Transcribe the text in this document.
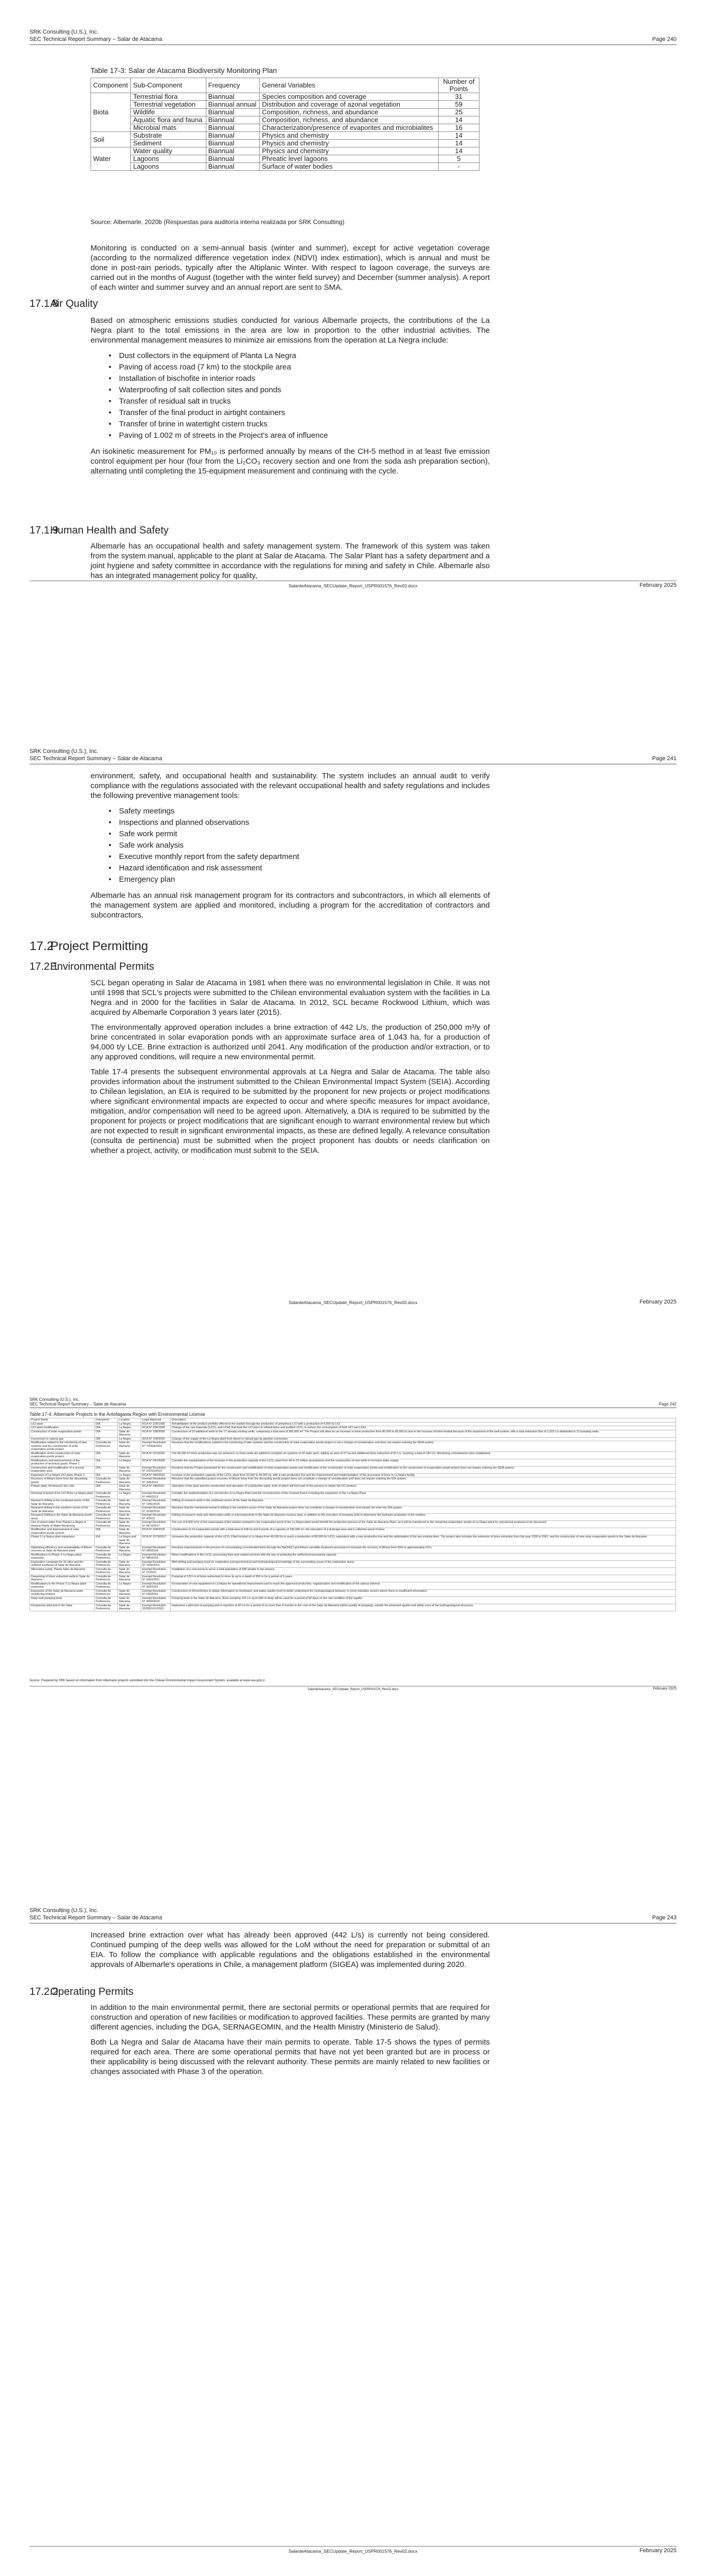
SRK Consulting (U.S.), Inc.
SEC Technical Report Summary – Salar de Atacama	Page 240
Table 17-3: Salar de Atacama Biodiversity Monitoring Plan
Component	Sub-Component	Frequency	General Variables	Number of Points
Biota	Terrestrial flora	Biannual	Species composition and coverage	31
	Terrestrial vegetation	Biannual annual	Distribution and coverage of azonal vegetation	59
	Wildlife	Biannual	Composition, richness, and abundance	25
	Aquatic flora and fauna	Biannual	Composition, richness, and abundance	14
	Microbial mats	Biannual	Characterization/presence of evaporites and microbialites	16
Soil	Substrate	Biannual	Physics and chemistry	14
	Sediment	Biannual	Physics and chemistry	14
Water	Water quality	Biannual	Physics and chemistry	14
	Lagoons	Biannual	Phreatic level lagoons	5
	Lagoons	Biannual	Surface of water bodies	-
Source: Albemarle, 2020b (Respuestas para auditoría interna realizada por SRK Consulting)

Monitoring is conducted on a semi-annual basis (winter and summer), except for active vegetation coverage (according to the normalized difference vegetation index (NDVI) index estimation), which is annual and must be done in post-rain periods, typically after the Altiplanic Winter. With respect to lagoon coverage, the surveys are carried out in the months of August (together with the winter field survey) and December (summer analysis). A report of each winter and summer survey and an annual report are sent to SMA.

17.1.8Air Quality

Based on atmospheric emissions studies conducted for various Albemarle projects, the contributions of the La Negra plant to the total emissions in the area are low in proportion to the other industrial activities. The environmental management measures to minimize air emissions from the operation at La Negra include:

• Dust collectors in the equipment of Planta La Negra
• Paving of access road (7 km) to the stockpile area
• Installation of bischofite in interior roads
• Waterproofing of salt collection sites and ponds
• Transfer of residual salt in trucks
• Transfer of the final product in airtight containers
• Transfer of brine in watertight cistern trucks
• Paving of 1.002 m of streets in the Project's area of influence

An isokinetic measurement for PM₁₀ is performed annually by means of the CH-5 method in at least five emission control equipment per hour (four from the Li₂CO₃ recovery section and one from the soda ash preparation section), alternating until completing the 15-equipment measurement and continuing with the cycle.

17.1.9Human Health and Safety

Albemarle has an occupational health and safety management system. The framework of this system was taken from the system manual, applicable to the plant at Salar de Atacama. The Salar Plant has a safety department and a joint hygiene and safety committee in accordance with the regulations for mining and safety in Chile. Albemarle also has an integrated management policy for quality,

SalardeAtacama_SECUpdate_Report_USPR001576_Rev02.docx	February 2025
SRK Consulting (U.S.), Inc.
SEC Technical Report Summary – Salar de Atacama	Page 241

environment, safety, and occupational health and sustainability. The system includes an annual audit to verify compliance with the regulations associated with the relevant occupational health and safety regulations and includes the following preventive management tools:

• Safety meetings
• Inspections and planned observations
• Safe work permit
• Safe work analysis
• Executive monthly report from the safety department
• Hazard identification and risk assessment
• Emergency plan

Albemarle has an annual risk management program for its contractors and subcontractors, in which all elements of the management system are applied and monitored, including a program for the accreditation of contractors and subcontractors.

17.2Project Permitting
17.2.1Environmental Permits

SCL began operating in Salar de Atacama in 1981 when there was no environmental legislation in Chile. It was not until 1998 that SCL's projects were submitted to the Chilean environmental evaluation system with the facilities in La Negra and in 2000 for the facilities in Salar de Atacama. In 2012, SCL became Rockwood Lithium, which was acquired by Albemarle Corporation 3 years later (2015).

The environmentally approved operation includes a brine extraction of 442 L/s, the production of 250,000 m³/y of brine concentrated in solar evaporation ponds with an approximate surface area of 1,043 ha, for a production of 94,000 t/y LCE. Brine extraction is authorized until 2041. Any modification of the production and/or extraction, or to any approved conditions, will require a new environmental permit.

Table 17-4 presents the subsequent environmental approvals at La Negra and Salar de Atacama. The table also provides information about the instrument submitted to the Chilean Environmental Impact System (SEIA). According to Chilean legislation, an EIA is required to be submitted by the proponent for new projects or project modifications where significant environmental impacts are expected to occur and where specific measures for impact avoidance, mitigation, and/or compensation will need to be agreed upon. Alternatively, a DIA is required to be submitted by the proponent for projects or project modifications that are significant enough to warrant environmental review but which are not expected to result in significant environmental impacts, as these are defined legally. A relevance consultation (consulta de pertinencia) must be submitted when the project proponent has doubts or needs clarification on whether a project, activity, or modification must submit to the SEIA.

SalardeAtacama_SECUpdate_Report_USPR001576_Rev02.docx	February 2025
SRK Consulting (U.S.), Inc.
SEC Technical Report Summary – Salar de Atacama	Page 242
Table 17-4: Albemarle Projects in the Antofagasta Region with Environmental License
Project Name	Instrument	Location	Legal Approval	Description
LiCl plant	DIA	La Negra	RCA N° 226/1998	Rehabilitation of the product portfolio offered to the market through the production of anhydrous LiCl with a production of 4,500 t/y LiCl.
LiCl plant modification	DIA	La Negra	RCA N° 094/1999	Change of the raw materials (LiCO₃ and LiOH) that feed the LiCl plant to refined brine and purified LiCO₃ to reduce the consumption of both HCl and LiOH.
Construction of solar evaporation ponds	DIA	Salar de Atacama	RCA N° 109/2000	Construction of 10 additional wells to the 17 already existing wells, comprising a total area of 360,000 m². The Project will allow for an increase in brine production from 80,000 to 95,000 t/y due to the increase of brine treated because of the expansion of the well system, with a total extraction flow of 1,022 L/s distributed in 12 pumping wells.
Conversion to natural gas	DIA	La Negra	RCA N° 100/2000	Change of the supply of the La Negra plant from diesel to natural gas by pipeline connection.
Modification related to the monitoring of lake systems and the construction of solar evaporation ponds project	Consulta de Pertinencia	Salar de Atacama	Exempt Resolution N° 7/2004/2016	Resolves that the modifications related to the monitoring of lake systems and the construction of solar evaporation ponds project is not a change of consideration and does not require entering the SEIA system.
Modification of the construction of solar evaporation ponds project	DIA	Salar de Atacama	RCA N° 021/2006	The 96,000 m² brine production was not achieved, so three wells are added to complete six systems of 32 wells each, adding an area of 27 ha and additional brine extraction of 92 L/s, reaching a total of 142 L/s. Monitoring commitments were established.
Modifications and improvements of the production of technical grade, Phase 1	DIA	La Negra	RCA N° 041/2008	Consider the regularization of the increase in the production capacity of the LiCO₃ plant from 40 to 23 million pounds/year and the construction of new wells to increase water supply.
Construction and modification of a second evaporation area	DIA	Salar de Atacama	Exempt Resolution N° 2/2010/2015	Resolves that the Project presented for the construction and modification of solar evaporation ponds and modification of the construction of solar evaporation ponds and modification to the construction of evaporation ponds project does not require entering the SEIA system.
Expansion of La Negra LiCl plant, Phase 1	DIA	La Negra	RCA N° 083/2010	Increase in the production capacity of the LiCO₃ plant from 23,000 to 44,000 t/y, with a new production line and the improvement and implementation of the processes of brine in La Negra facility.
Recovery of lithium brine from the discarding ponds	Consulta de Pertinencia	Salar de Atacama	Exempt Resolution N° 326/2012	Resolves that the submitted project recovery of lithium brine from the discarding ponds project does not constitute a change of consideration and does not require entering the EIA system.
Potash plant, Rockwood Litio Ltda	DIA	Salar de Atacama	RCA N° 048/2011	Operation of the plant and the construction and operation of a production plant, both of which will form part of the process to obtain the KCl product.
Renewal of beach from LiCl Brine La Negra plant	Consulta de Pertinencia	La Negra	Exempt Resolution N° 446/2013	Consider the implementation of a second line in La Negra Plant and the reconstruction of the renewal beach including the expansion of the La Negra Plant.
Research drilling in the southeast sector of the Salar de Atacama	Consulta de Pertinencia	Salar de Atacama	Exempt Resolution N° 1041/2014	Drilling of research wells in the southeast sector of the Salar de Atacama.
Research drilling in the southern sector of the Salar de Atacama	Consulta de Pertinencia	Salar de Atacama	Exempt Resolution N° 4100/2014	Resolves that the mentioned research drilling in the southern sector of the Salar de Atacama project does not constitute a change of consideration and should not enter the EIA system.
Research Drilling in the Salar de Atacama (north area)	Consulta de Pertinencia	Salar de Atacama	Exempt Resolution N° 4/2015	Drilling of research wells and observation wells in subcomponents in the Salar de Atacama nucleus area, in addition to the execution of pumping tests to determine the hydraulic properties of the medium.
Use of sweet water from Planta La Negra in Arizona Plants of Water Monitoring	Consulta de Pertinencia	Salar de Atacama	Exempt Resolution N° 0673/2017	The use of 8,000 m³/y of the supernatant of the solution pumped in the evaporation pond of the La Negra plant would benefit the production process of the Salar de Atacama Plant, as it will be transferred to the remaining evaporation ponds of La Negra plant for operational purposes to be discussed.
Modification and improvement of solar evaporation ponds system	DIA	Salar de Atacama	RCA N° 004/2018	Construction of 10 evaporation ponds with a total area of 108 ha and 4 ponds of a capacity of 195,000 m³, the relocation of a drainage area and a collection pond of brine.
Phase 3 La Negra plant expansion	EIA	La Negra and Salar de Atacama	RCA N° 0178/2017	Increases the production capacity of the LiCO₃ Plant located in La Negra from 40,000 t/y to reach a production of 80,000 t/y LiCO₃ equivalent with a new production line and the optimization of the two existing lines. The project also includes the extension of brine extraction from the year 2030 to 2041, and the construction of new solar evaporation ponds in the Salar de Atacama.
Optimizing efficiency and sustainability of lithium recovery at Salar de Atacama plant	Consulta de Pertinencia	Salar de Atacama	Exempt Resolution N° 000/2018	Resolves improvements in the process of concentrating concentrated brine through the NaCl/KCl and lithium carnallite treatment processes to increase the recovery of lithium from 50% to approximately 61%.
Modifications to Phase 3 La Negra plant expansion	Consulta de Pertinencia	La Negra	Exempt Resolution N° 986/2018	Minor modifications in the LiCO₃ processing lines and related services with the aim of achieving the authorized processing capacity.
Exploration campaign for 16 sites and the unitized southeast of Salar de Atacama	Consulta de Pertinencia	Salar de Atacama	Exempt Resolution N° 1102/2019	Well drilling and pumping tests for exploration and geochemical and hydrogeological knowledge of the surrounding areas of the exploration areas.
Alternative pump, Planta Salar de Atacama	Consulta de Pertinencia	Salar de Atacama	Exempt Resolution N° 21/2021	Installation of a new pump to serve a total population of 680 people in two phases.
Deepening of brine extraction wells in Salar de Atacama	Consulta de Pertinencia	Salar de Atacama	Exempt Resolution N° 0063/2021	Pumping of 120 L/s of brine authorized to drive its up to a depth of 300 m for a period of 5 years.
Modifications to the Phase 3 La Negra plant expansion	Consulta de Pertinencia	La Negra	Exempt Resolution N° 000/2022	Incorporation of new equipment in La Negra for operational improvement and to reach the approved production, regularization and modification of the various internal.
Expansion of the Salar de Atacama water monitoring network	Consulta de Pertinencia	Salar de Atacama	Exempt Resolution N° 026/2022	Construction of 28 boreholes to obtain information on freshwater and saline aquifer level to better understand the hydrogeological behavior in some transition sectors where there is insufficient information.
Deep well pumping tests	Consulta de Pertinencia	Salar de Atacama	Exempt Resolution N° 0050/2023	Pumping tests in the Salar de Atacama. Brine pumping 120 L/s up to 300 m deep will be used for a period of 60 days on the real condition of the aquifer.
Perspective pilot test in the Salar	Consulta de Pertinencia	Salar de Atacama	Exempt Resolution 202303101/2023	Implement a pilot test of pumping and re-injection of 40 L/s for a period of no more than 6 months in the core of the Salar de Atacama (either quality of pumping), outside the protected aquifer and within zone of the hydrogeological structures.
Source: Prepared by SRK based on information from Albemarle projects submitted into the Chilean Environmental Impact Assessment System, available at www.sea.gob.cl
SalardeAtacama_SECUpdate_Report_USPR001576_Rev02.docx	February 2025
SRK Consulting (U.S.), Inc.
SEC Technical Report Summary – Salar de Atacama	Page 243

Increased brine extraction over what has already been approved (442 L/s) is currently not being considered. Continued pumping of the deep wells was allowed for the LoM without the need for preparation or submittal of an EIA. To follow the compliance with applicable regulations and the obligations established in the environmental approvals of Albemarle's operations in Chile, a management platform (SIGEA) was implemented during 2020.

17.2.2Operating Permits

In addition to the main environmental permit, there are sectorial permits or operational permits that are required for construction and operation of new facilities or modification to approved facilities. These permits are granted by many different agencies, including the DGA, SERNAGEOMIN, and the Health Ministry (Ministerio de Salud).

Both La Negra and Salar de Atacama have their main permits to operate. Table 17-5 shows the types of permits required for each area. There are some operational permits that have not yet been granted but are in process or their applicability is being discussed with the relevant authority. These permits are mainly related to new facilities or changes associated with Phase 3 of the operation.

SalardeAtacama_SECUpdate_Report_USPR001576_Rev02.docx	February 2025
